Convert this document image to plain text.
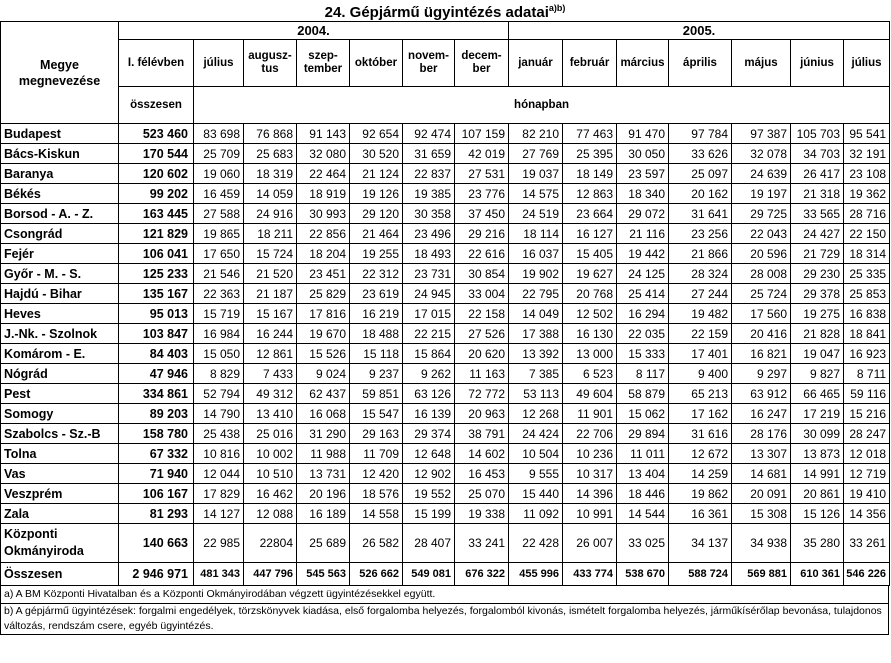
24. Gépjármű ügyintézés adatai$^{a)b)}$
Megye megnevezése	2004.							2005.						
	I. félévben	július	augusz- tus	szep- tember	október	novem- ber	decem- ber	január	február	március	április	május	június	július
	összesen	hónapban												
Budapest	523 460	83 698	76 868	91 143	92 654	92 474	107 159	82 210	77 463	91 470	97 784	97 387	105 703	95 541
Bács-Kiskun	170 544	25 709	25 683	32 080	30 520	31 659	42 019	27 769	25 395	30 050	33 626	32 078	34 703	32 191
Baranya	120 602	19 060	18 319	22 464	21 124	22 837	27 531	19 037	18 149	23 597	25 097	24 639	26 417	23 108
Békés	99 202	16 459	14 059	18 919	19 126	19 385	23 776	14 575	12 863	18 340	20 162	19 197	21 318	19 362
Borsod - A. - Z.	163 445	27 588	24 916	30 993	29 120	30 358	37 450	24 519	23 664	29 072	31 641	29 725	33 565	28 716
Csongrád	121 829	19 865	18 211	22 856	21 464	23 496	29 216	18 114	16 127	21 116	23 256	22 043	24 427	22 150
Fejér	106 041	17 650	15 724	18 204	19 255	18 493	22 616	16 037	15 405	19 442	21 866	20 596	21 729	18 314
Győr - M. - S.	125 233	21 546	21 520	23 451	22 312	23 731	30 854	19 902	19 627	24 125	28 324	28 008	29 230	25 335
Hajdú - Bihar	135 167	22 363	21 187	25 829	23 619	24 945	33 004	22 795	20 768	25 414	27 244	25 724	29 378	25 853
Heves	95 013	15 719	15 167	17 816	16 219	17 015	22 158	14 049	12 502	16 294	19 482	17 560	19 275	16 838
J.-Nk. - Szolnok	103 847	16 984	16 244	19 670	18 488	22 215	27 526	17 388	16 130	22 035	22 159	20 416	21 828	18 841
Komárom - E.	84 403	15 050	12 861	15 526	15 118	15 864	20 620	13 392	13 000	15 333	17 401	16 821	19 047	16 923
Nógrád	47 946	8 829	7 433	9 024	9 237	9 262	11 163	7 385	6 523	8 117	9 400	9 297	9 827	8 711
Pest	334 861	52 794	49 312	62 437	59 851	63 126	72 772	53 113	49 604	58 879	65 213	63 912	66 465	59 116
Somogy	89 203	14 790	13 410	16 068	15 547	16 139	20 963	12 268	11 901	15 062	17 162	16 247	17 219	15 216
Szabolcs - Sz.-B	158 780	25 438	25 016	31 290	29 163	29 374	38 791	24 424	22 706	29 894	31 616	28 176	30 099	28 247
Tolna	67 332	10 816	10 002	11 988	11 709	12 648	14 602	10 504	10 236	11 011	12 672	13 307	13 873	12 018
Vas	71 940	12 044	10 510	13 731	12 420	12 902	16 453	9 555	10 317	13 404	14 259	14 681	14 991	12 719
Veszprém	106 167	17 829	16 462	20 196	18 576	19 552	25 070	15 440	14 396	18 446	19 862	20 091	20 861	19 410
Zala	81 293	14 127	12 088	16 189	14 558	15 199	19 338	11 092	10 991	14 544	16 361	15 308	15 126	14 356
Központi Okmányiroda	140 663	22 985	22804	25 689	26 582	28 407	33 241	22 428	26 007	33 025	34 137	34 938	35 280	33 261
Összesen	2 946 971	481 343	447 796	545 563	526 662	549 081	676 322	455 996	433 774	538 670	588 724	569 881	610 361	546 226
a) A BM Központi Hivatalban és a Központi Okmányirodában végzett ügyintézésekkel együtt.
b) A gépjármű ügyintézések: forgalmi engedélyek, törzskönyvek kiadása, első forgalomba helyezés, forgalomból kivonás, ismételt forgalomba helyezés, járműkísérőlap bevonása, tulajdonos változás, rendszám csere, egyéb ügyintézés.
